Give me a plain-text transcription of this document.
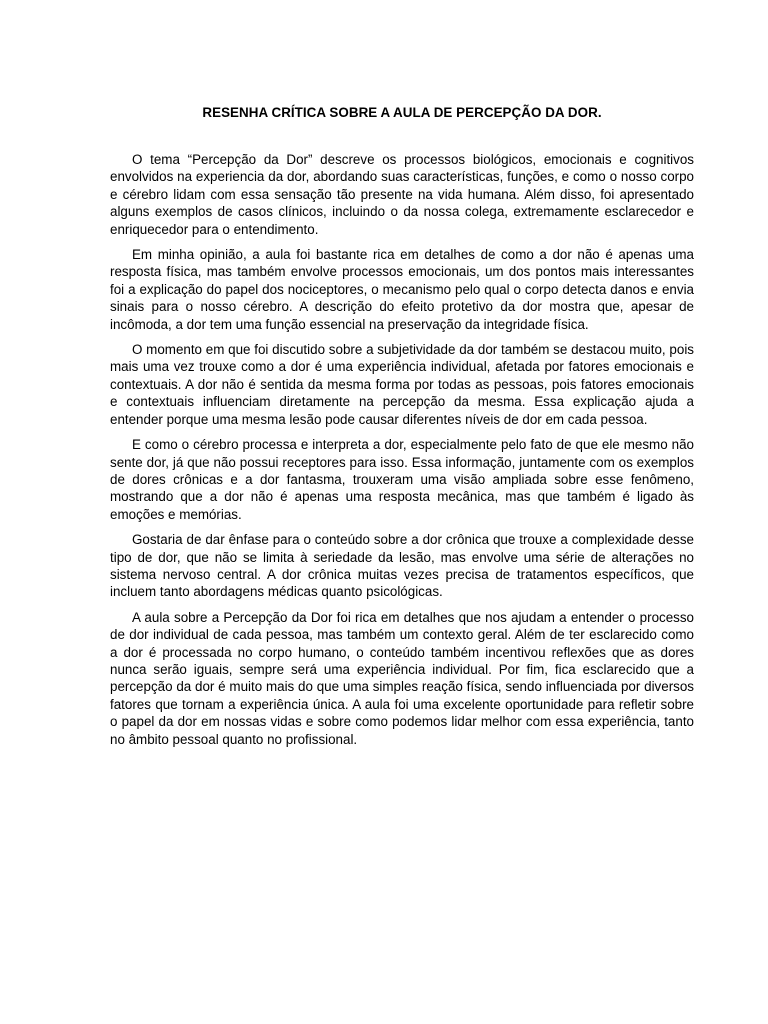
RESENHA CRÍTICA SOBRE A AULA DE PERCEPÇÃO DA DOR.

O tema “Percepção da Dor” descreve os processos biológicos, emocionais e cognitivos envolvidos na experiencia da dor, abordando suas características, funções, e como o nosso corpo e cérebro lidam com essa sensação tão presente na vida humana. Além disso, foi apresentado alguns exemplos de casos clínicos, incluindo o da nossa colega, extremamente esclarecedor e enriquecedor para o entendimento.

Em minha opinião, a aula foi bastante rica em detalhes de como a dor não é apenas uma resposta física, mas também envolve processos emocionais, um dos pontos mais interessantes foi a explicação do papel dos nociceptores, o mecanismo pelo qual o corpo detecta danos e envia sinais para o nosso cérebro. A descrição do efeito protetivo da dor mostra que, apesar de incômoda, a dor tem uma função essencial na preservação da integridade física.

O momento em que foi discutido sobre a subjetividade da dor também se destacou muito, pois mais uma vez trouxe como a dor é uma experiência individual, afetada por fatores emocionais e contextuais. A dor não é sentida da mesma forma por todas as pessoas, pois fatores emocionais e contextuais influenciam diretamente na percepção da mesma. Essa explicação ajuda a entender porque uma mesma lesão pode causar diferentes níveis de dor em cada pessoa.

E como o cérebro processa e interpreta a dor, especialmente pelo fato de que ele mesmo não sente dor, já que não possui receptores para isso. Essa informação, juntamente com os exemplos de dores crônicas e a dor fantasma, trouxeram uma visão ampliada sobre esse fenômeno, mostrando que a dor não é apenas uma resposta mecânica, mas que também é ligado às emoções e memórias.

Gostaria de dar ênfase para o conteúdo sobre a dor crônica que trouxe a complexidade desse tipo de dor, que não se limita à seriedade da lesão, mas envolve uma série de alterações no sistema nervoso central. A dor crônica muitas vezes precisa de tratamentos específicos, que incluem tanto abordagens médicas quanto psicológicas.

A aula sobre a Percepção da Dor foi rica em detalhes que nos ajudam a entender o processo de dor individual de cada pessoa, mas também um contexto geral. Além de ter esclarecido como a dor é processada no corpo humano, o conteúdo também incentivou reflexões que as dores nunca serão iguais, sempre será uma experiência individual. Por fim, fica esclarecido que a percepção da dor é muito mais do que uma simples reação física, sendo influenciada por diversos fatores que tornam a experiência única. A aula foi uma excelente oportunidade para refletir sobre o papel da dor em nossas vidas e sobre como podemos lidar melhor com essa experiência, tanto no âmbito pessoal quanto no profissional.
